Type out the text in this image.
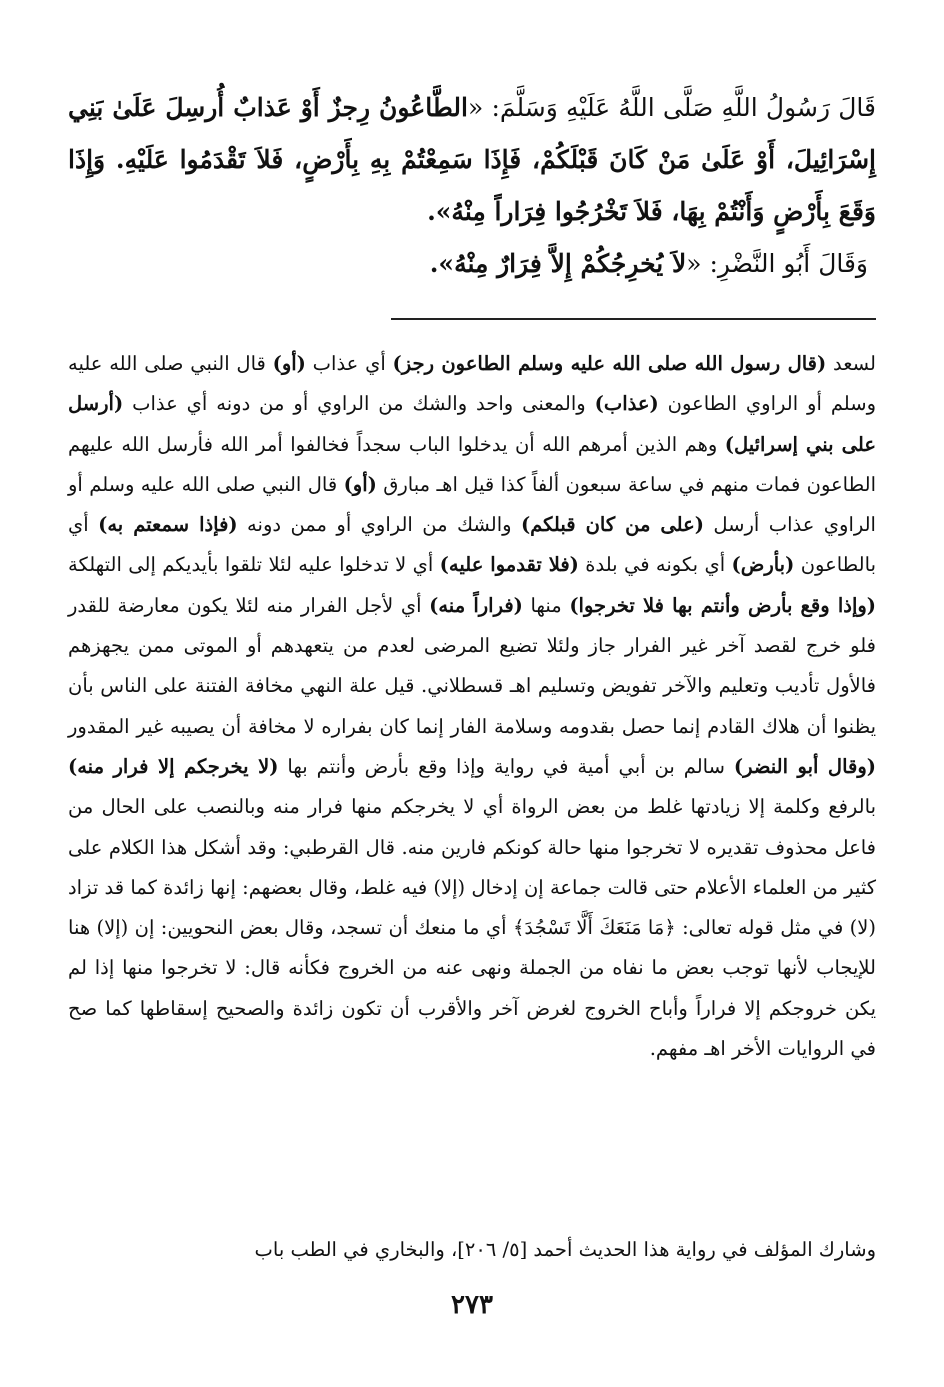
قَالَ رَسُولُ اللَّهِ صَلَّى اللَّهُ عَلَيْهِ وَسَلَّمَ: «الطَّاعُونُ رِجزٌ أَوْ عَذابٌ أُرسِلَ عَلَىٰ بَنِي إِسْرَائِيلَ، أَوْ عَلَىٰ مَنْ كَانَ قَبْلَكُمْ، فَإِذَا سَمِعْتُمْ بِهِ بِأَرْضٍ، فَلاَ تَقْدَمُوا عَلَيْهِ. وَإِذَا وَقَعَ بِأَرْضٍ وَأَنْتُمْ بِهَا، فَلاَ تَخْرُجُوا فِرَاراً مِنْهُ».

وَقَالَ أَبُو النَّضْرِ: «لاَ يُخرِجُكُمْ إِلاَّ فِرَارٌ مِنْهُ».

لسعد (قال رسول الله صلى الله عليه وسلم الطاعون رجز) أي عذاب (أو) قال النبي صلى الله عليه وسلم أو الراوي الطاعون (عذاب) والمعنى واحد والشك من الراوي أو من دونه أي عذاب (أرسل على بني إسرائيل) وهم الذين أمرهم الله أن يدخلوا الباب سجداً فخالفوا أمر الله فأرسل الله عليهم الطاعون فمات منهم في ساعة سبعون ألفاً كذا قيل اهـ مبارق (أو) قال النبي صلى الله عليه وسلم أو الراوي عذاب أرسل (على من كان قبلكم) والشك من الراوي أو ممن دونه (فإذا سمعتم به) أي بالطاعون (بأرض) أي بكونه في بلدة (فلا تقدموا عليه) أي لا تدخلوا عليه لئلا تلقوا بأيديكم إلى التهلكة (وإذا وقع بأرض وأنتم بها فلا تخرجوا) منها (فراراً منه) أي لأجل الفرار منه لئلا يكون معارضة للقدر فلو خرج لقصد آخر غير الفرار جاز ولئلا تضيع المرضى لعدم من يتعهدهم أو الموتى ممن يجهزهم فالأول تأديب وتعليم والآخر تفويض وتسليم اهـ قسطلاني. قيل علة النهي مخافة الفتنة على الناس بأن يظنوا أن هلاك القادم إنما حصل بقدومه وسلامة الفار إنما كان بفراره لا مخافة أن يصيبه غير المقدور (وقال أبو النضر) سالم بن أبي أمية في رواية وإذا وقع بأرض وأنتم بها (لا يخرجكم إلا فرار منه) بالرفع وكلمة إلا زيادتها غلط من بعض الرواة أي لا يخرجكم منها فرار منه وبالنصب على الحال من فاعل محذوف تقديره لا تخرجوا منها حالة كونكم فارين منه. قال القرطبي: وقد أشكل هذا الكلام على كثير من العلماء الأعلام حتى قالت جماعة إن إدخال (إلا) فيه غلط، وقال بعضهم: إنها زائدة كما قد تزاد (لا) في مثل قوله تعالى: ﴿مَا مَنَعَكَ أَلَّا تَسْجُدَ﴾ أي ما منعك أن تسجد، وقال بعض النحويين: إن (إلا) هنا للإيجاب لأنها توجب بعض ما نفاه من الجملة ونهى عنه من الخروج فكأنه قال: لا تخرجوا منها إذا لم يكن خروجكم إلا فراراً وأباح الخروج لغرض آخر والأقرب أن تكون زائدة والصحيح إسقاطها كما صح في الروايات الأخر اهـ مفهم.

وشارك المؤلف في رواية هذا الحديث أحمد [٥/ ٢٠٦]، والبخاري في الطب باب

٢٧٣
